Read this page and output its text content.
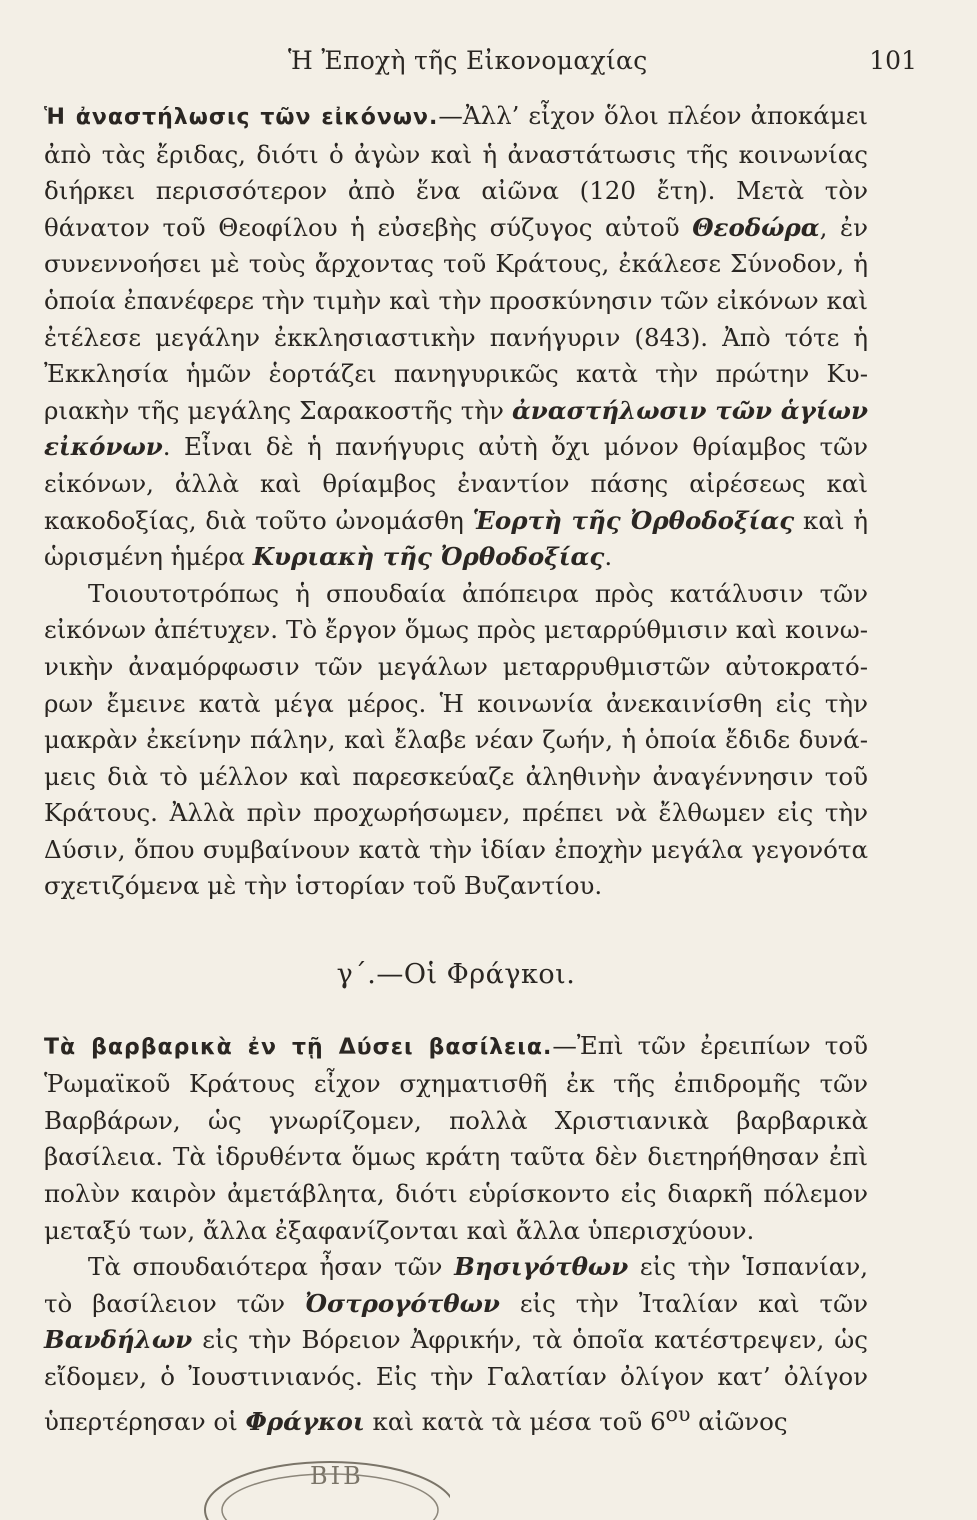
Ἡ Ἐποχὴ τῆς Εἰκονομαχίας	101

Ἡ ἀναστήλωσις τῶν εἰκόνων.—Ἀλλ’ εἶχον ὅλοι πλέον ἀποκάμει ἀπὸ τὰς ἔριδας, διότι ὁ ἀγὼν καὶ ἡ ἀναστάτωσις τῆς κοινωνίας διήρκει περισσότερον ἀπὸ ἕνα αἰῶνα (120 ἔτη). Μετὰ τὸν θάνατον τοῦ Θεοφίλου ἡ εὐσεβὴς σύζυγος αὐτοῦ Θεοδώρα, ἐν συνεννοήσει μὲ τοὺς ἄρχοντας τοῦ Κράτους, ἐκάλεσε Σύνοδον, ἡ ὁποία ἐπανέφερε τὴν τιμὴν καὶ τὴν προσκύνησιν τῶν εἰκόνων καὶ ἐτέλεσε μεγάλην ἐκκλησιαστικὴν πανήγυριν (843). Ἀπὸ τότε ἡ Ἐκκλησία ἡμῶν ἑορτάζει πανηγυρικῶς κατὰ τὴν πρώτην Κυριακὴν τῆς μεγάλης Σαρακοστῆς τὴν ἀναστήλωσιν τῶν ἁγίων εἰκόνων. Εἶναι δὲ ἡ πανήγυρις αὐτὴ ὄχι μόνον θρίαμβος τῶν εἰκόνων, ἀλλὰ καὶ θρίαμβος ἐναντίον πάσης αἱρέσεως καὶ κακοδοξίας, διὰ τοῦτο ὠνομάσθη Ἑορτὴ τῆς Ὀρθοδοξίας καὶ ἡ ὡρισμένη ἡμέρα Κυριακὴ τῆς Ὀρθοδοξίας.

Τοιουτοτρόπως ἡ σπουδαία ἀπόπειρα πρὸς κατάλυσιν τῶν εἰκόνων ἀπέτυχεν. Τὸ ἔργον ὅμως πρὸς μεταρρύθμισιν καὶ κοινωνικὴν ἀναμόρφωσιν τῶν μεγάλων μεταρρυθμιστῶν αὐτοκρατόρων ἔμεινε κατὰ μέγα μέρος. Ἡ κοινωνία ἀνεκαινίσθη εἰς τὴν μακρὰν ἐκείνην πάλην, καὶ ἔλαβε νέαν ζωήν, ἡ ὁποία ἔδιδε δυνάμεις διὰ τὸ μέλλον καὶ παρεσκεύαζε ἀληθινὴν ἀναγέννησιν τοῦ Κράτους. Ἀλλὰ πρὶν προχωρήσωμεν, πρέπει νὰ ἔλθωμεν εἰς τὴν Δύσιν, ὅπου συμβαίνουν κατὰ τὴν ἰδίαν ἐποχὴν μεγάλα γεγονότα σχετιζόμενα μὲ τὴν ἱστορίαν τοῦ Βυζαντίου.

γ΄.—Οἱ Φράγκοι.

Τὰ βαρβαρικὰ ἐν τῇ Δύσει βασίλεια.—Ἐπὶ τῶν ἐρειπίων τοῦ Ῥωμαϊκοῦ Κράτους εἶχον σχηματισθῆ ἐκ τῆς ἐπιδρομῆς τῶν Βαρβάρων, ὡς γνωρίζομεν, πολλὰ Χριστιανικὰ βαρβαρικὰ βασίλεια. Τὰ ἱδρυθέντα ὅμως κράτη ταῦτα δὲν διετηρήθησαν ἐπὶ πολὺν καιρὸν ἀμετάβλητα, διότι εὑρίσκοντο εἰς διαρκῆ πόλεμον μεταξύ των, ἄλλα ἐξαφανίζονται καὶ ἄλλα ὑπερισχύουν.

Τὰ σπουδαιότερα ἦσαν τῶν Βησιγότθων εἰς τὴν Ἱσπανίαν, τὸ βασίλειον τῶν Ὀστρογότθων εἰς τὴν Ἰταλίαν καὶ τῶν Βανδήλων εἰς τὴν Βόρειον Ἀφρικήν, τὰ ὁποῖα κατέστρεψεν, ὡς εἴδομεν, ὁ Ἰουστινιανός. Εἰς τὴν Γαλατίαν ὀλίγον κατ’ ὀλίγον ὑπερτέρησαν οἱ Φράγκοι καὶ κατὰ τὰ μέσα τοῦ $6^{o\upsilon}$ αἰῶνος

ΒΙΒ
